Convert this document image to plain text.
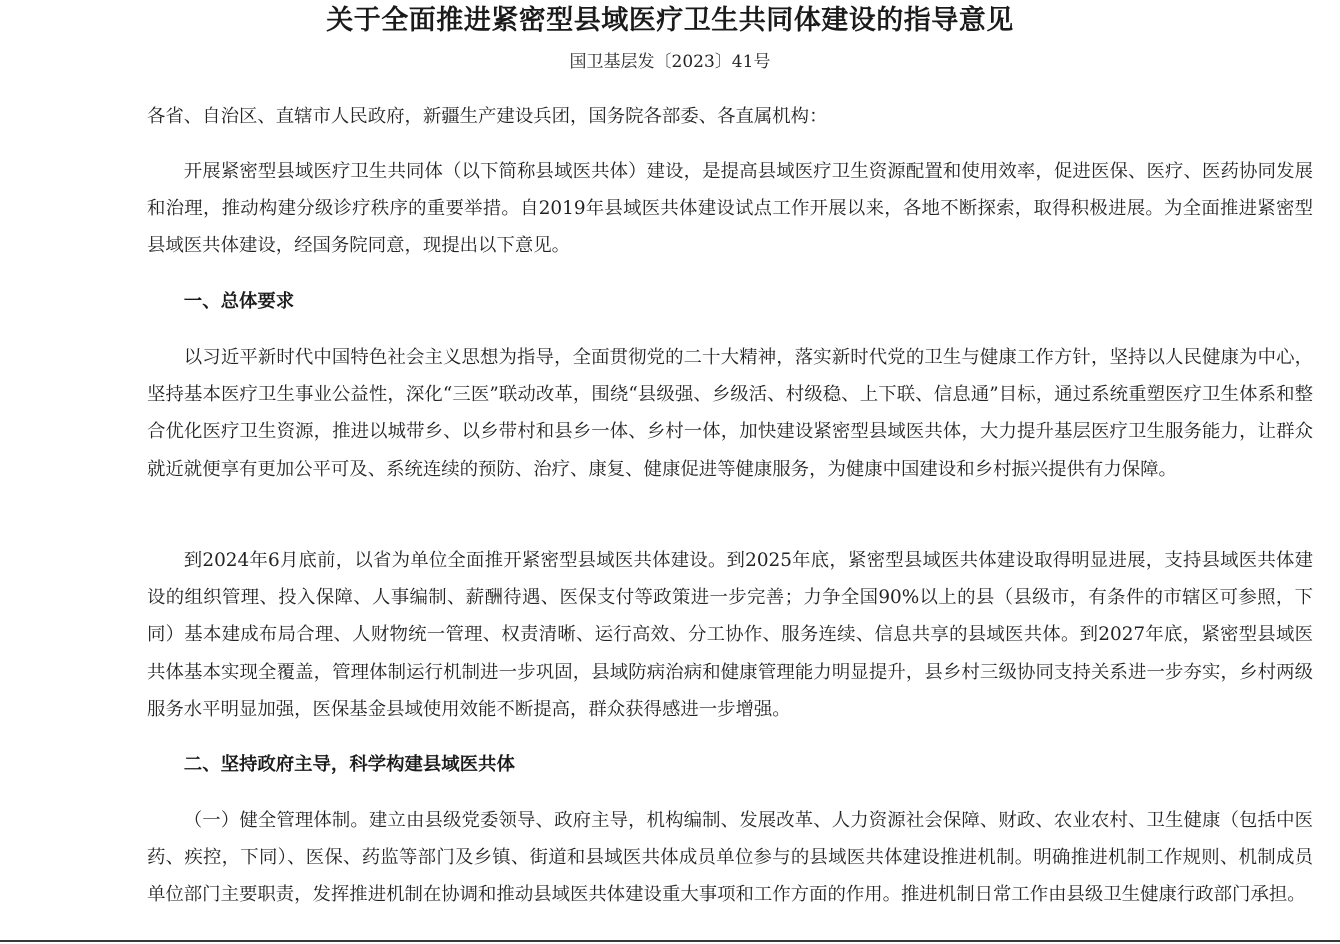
关于全面推进紧密型县域医疗卫生共同体建设的指导意见
国卫基层发〔2023〕41号

各省、自治区、直辖市人民政府，新疆生产建设兵团，国务院各部委、各直属机构：

开展紧密型县域医疗卫生共同体（以下简称县域医共体）建设，是提高县域医疗卫生资源配置和使用效率，促进医保、医疗、医药协同发展和治理，推动构建分级诊疗秩序的重要举措。自2019年县域医共体建设试点工作开展以来，各地不断探索，取得积极进展。为全面推进紧密型县域医共体建设，经国务院同意，现提出以下意见。

一、总体要求

以习近平新时代中国特色社会主义思想为指导，全面贯彻党的二十大精神，落实新时代党的卫生与健康工作方针，坚持以人民健康为中心，坚持基本医疗卫生事业公益性，深化“三医”联动改革，围绕“县级强、乡级活、村级稳、上下联、信息通”目标，通过系统重塑医疗卫生体系和整合优化医疗卫生资源，推进以城带乡、以乡带村和县乡一体、乡村一体，加快建设紧密型县域医共体，大力提升基层医疗卫生服务能力，让群众就近就便享有更加公平可及、系统连续的预防、治疗、康复、健康促进等健康服务，为健康中国建设和乡村振兴提供有力保障。

到2024年6月底前，以省为单位全面推开紧密型县域医共体建设。到2025年底，紧密型县域医共体建设取得明显进展，支持县域医共体建设的组织管理、投入保障、人事编制、薪酬待遇、医保支付等政策进一步完善；力争全国90%以上的县（县级市，有条件的市辖区可参照，下同）基本建成布局合理、人财物统一管理、权责清晰、运行高效、分工协作、服务连续、信息共享的县域医共体。到2027年底，紧密型县域医共体基本实现全覆盖，管理体制运行机制进一步巩固，县域防病治病和健康管理能力明显提升，县乡村三级协同支持关系进一步夯实，乡村两级服务水平明显加强，医保基金县域使用效能不断提高，群众获得感进一步增强。

二、坚持政府主导，科学构建县域医共体

（一）健全管理体制。建立由县级党委领导、政府主导，机构编制、发展改革、人力资源社会保障、财政、农业农村、卫生健康（包括中医药、疾控，下同）、医保、药监等部门及乡镇、街道和县域医共体成员单位参与的县域医共体建设推进机制。明确推进机制工作规则、机制成员单位部门主要职责，发挥推进机制在协调和推动县域医共体建设重大事项和工作方面的作用。推进机制日常工作由县级卫生健康行政部门承担。
